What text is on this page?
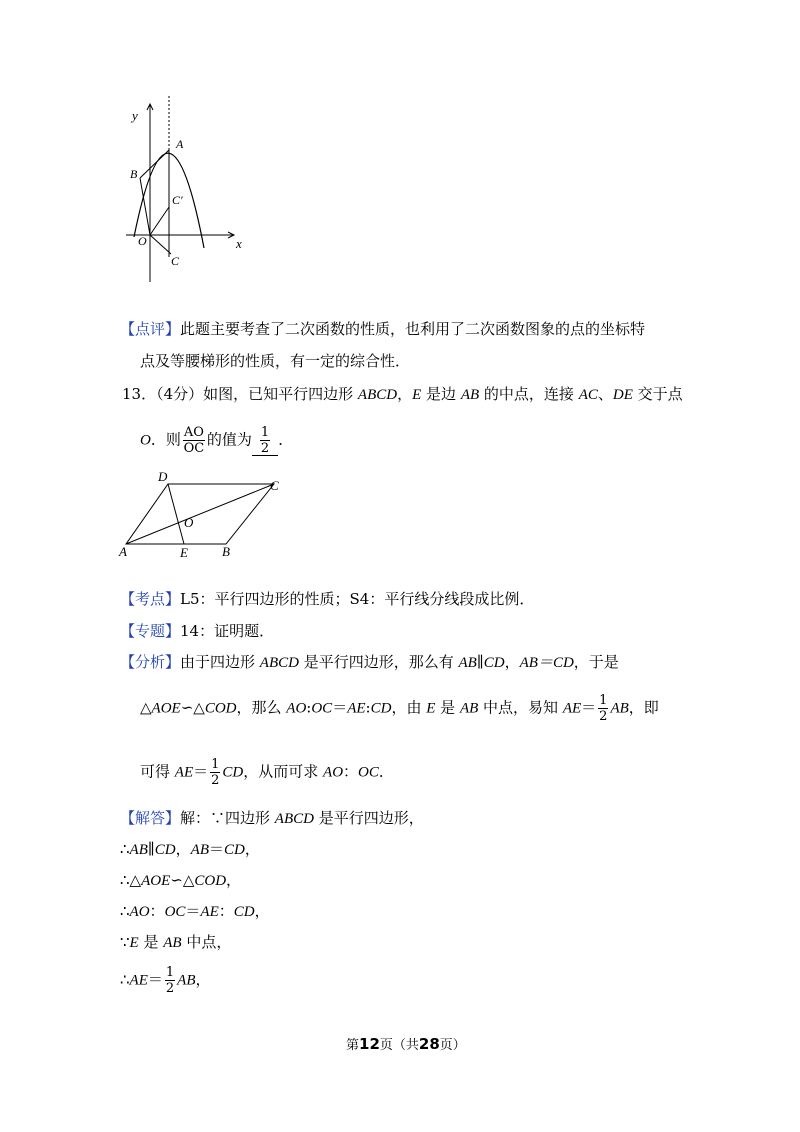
y
x
A
B
C′
O
C
【点评】此题主要考查了二次函数的性质，也利用了二次函数图象的点的坐标特
点及等腰梯形的性质，有一定的综合性．
13．（4分）如图，已知平行四边形 ABCD，E 是边 AB 的中点，连接 AC、DE 交于点
O．则 $\frac{AO}{OC}$ 的值为 $\frac{1}{2}$ ．
D
C
O
A	E	B
【考点】L5：平行四边形的性质；S4：平行线分线段成比例．
【专题】14：证明题．
【分析】由于四边形 ABCD 是平行四边形，那么有 AB∥CD，AB＝CD，于是
△AOE∽△COD，那么 AO:OC＝AE:CD，由 E 是 AB 中点，易知 $AE= \frac{1}{2}$ AB，即
可得 $AE= \frac{1}{2}$ CD，从而可求 AO：OC．
【解答】解：∵四边形 ABCD 是平行四边形，
∴AB∥CD，AB＝CD，
∴△AOE∽△COD，
∴AO：OC＝AE：CD，
∵E 是 AB 中点，
∴AE＝ $\frac{1}{2}$ AB，
第12页（共28页）
